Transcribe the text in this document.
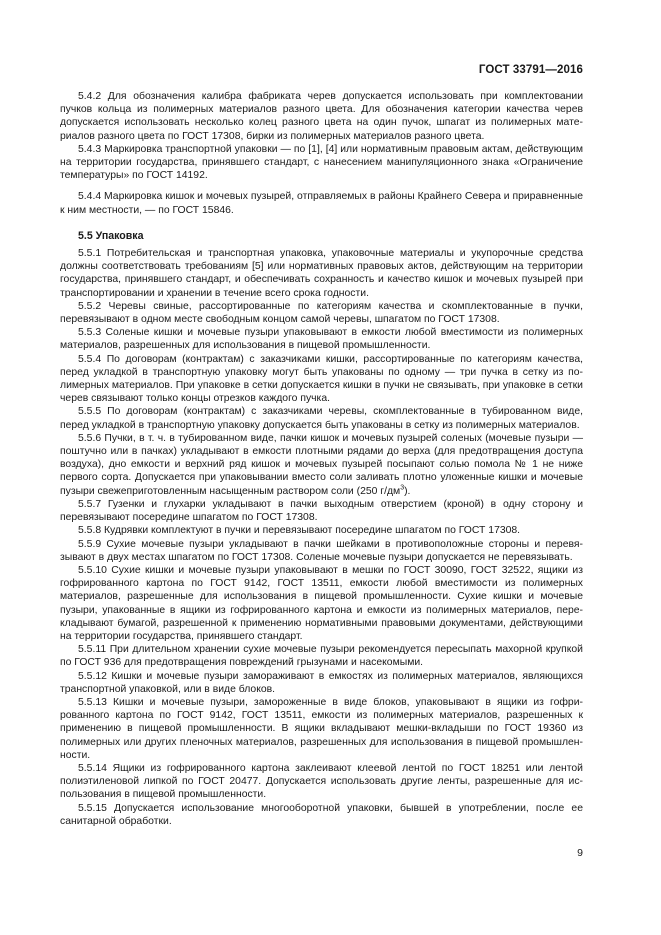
ГОСТ 33791—2016

5.4.2 Для обозначения калибра фабриката черев допускается использовать при комплектовании пучков кольца из полимерных материалов разного цвета. Для обозначения категории качества черев допускается использовать несколько колец разного цвета на один пучок, шпагат из полимерных материалов разного цвета по ГОСТ 17308, бирки из полимерных материалов разного цвета.

5.4.3 Маркировка транспортной упаковки — по [1], [4] или нормативным правовым актам, действующим на территории государства, принявшего стандарт, с нанесением манипуляционного знака «Ограничение температуры» по ГОСТ 14192.

5.4.4 Маркировка кишок и мочевых пузырей, отправляемых в районы Крайнего Севера и приравненные к ним местности, — по ГОСТ 15846.

5.5 Упаковка

5.5.1 Потребительская и транспортная упаковка, упаковочные материалы и укупорочные средства должны соответствовать требованиям [5] или нормативных правовых актов, действующим на территории государства, принявшего стандарт, и обеспечивать сохранность и качество кишок и мочевых пузырей при транспортировании и хранении в течение всего срока годности.

5.5.2 Черевы свиные, рассортированные по категориям качества и скомплектованные в пучки, перевязывают в одном месте свободным концом самой черевы, шпагатом по ГОСТ 17308.

5.5.3 Соленые кишки и мочевые пузыри упаковывают в емкости любой вместимости из полимерных материалов, разрешенных для использования в пищевой промышленности.

5.5.4 По договорам (контрактам) с заказчиками кишки, рассортированные по категориям качества, перед укладкой в транспортную упаковку могут быть упакованы по одному — три пучка в сетку из полимерных материалов. При упаковке в сетки допускается кишки в пучки не связывать, при упаковке в сетки черев связывают только концы отрезков каждого пучка.

5.5.5 По договорам (контрактам) с заказчиками черевы, скомплектованные в тубированном виде, перед укладкой в транспортную упаковку допускается быть упакованы в сетку из полимерных материалов.

5.5.6 Пучки, в т. ч. в тубированном виде, пачки кишок и мочевых пузырей соленых (мочевые пузыри — поштучно или в пачках) укладывают в емкости плотными рядами до верха (для предотвращения доступа воздуха), дно емкости и верхний ряд кишок и мочевых пузырей посыпают солью помола № 1 не ниже первого сорта. Допускается при упаковывании вместо соли заливать плотно уложенные кишки и мочевые пузыри свежеприготовленным насыщенным раствором соли (250 $г/дм^3$).

5.5.7 Гузенки и глухарки укладывают в пачки выходным отверстием (кроной) в одну сторону и перевязывают посередине шпагатом по ГОСТ 17308.

5.5.8 Кудрявки комплектуют в пучки и перевязывают посередине шпагатом по ГОСТ 17308.

5.5.9 Сухие мочевые пузыри укладывают в пачки шейками в противоположные стороны и перевязывают в двух местах шпагатом по ГОСТ 17308. Соленые мочевые пузыри допускается не перевязывать.

5.5.10 Сухие кишки и мочевые пузыри упаковывают в мешки по ГОСТ 30090, ГОСТ 32522, ящики из гофрированного картона по ГОСТ 9142, ГОСТ 13511, емкости любой вместимости из полимерных материалов, разрешенные для использования в пищевой промышленности. Сухие кишки и мочевые пузыри, упакованные в ящики из гофрированного картона и емкости из полимерных материалов, перекладывают бумагой, разрешенной к применению нормативными правовыми документами, действующими на территории государства, принявшего стандарт.

5.5.11 При длительном хранении сухие мочевые пузыри рекомендуется пересыпать махорной крупкой по ГОСТ 936 для предотвращения повреждений грызунами и насекомыми.

5.5.12 Кишки и мочевые пузыри замораживают в емкостях из полимерных материалов, являющихся транспортной упаковкой, или в виде блоков.

5.5.13 Кишки и мочевые пузыри, замороженные в виде блоков, упаковывают в ящики из гофрированного картона по ГОСТ 9142, ГОСТ 13511, емкости из полимерных материалов, разрешенных к применению в пищевой промышленности. В ящики вкладывают мешки-вкладыши по ГОСТ 19360 из полимерных или других пленочных материалов, разрешенных для использования в пищевой промышленности.

5.5.14 Ящики из гофрированного картона заклеивают клеевой лентой по ГОСТ 18251 или лентой полиэтиленовой липкой по ГОСТ 20477. Допускается использовать другие ленты, разрешенные для использования в пищевой промышленности.

5.5.15 Допускается использование многооборотной упаковки, бывшей в употреблении, после ее санитарной обработки.

9
